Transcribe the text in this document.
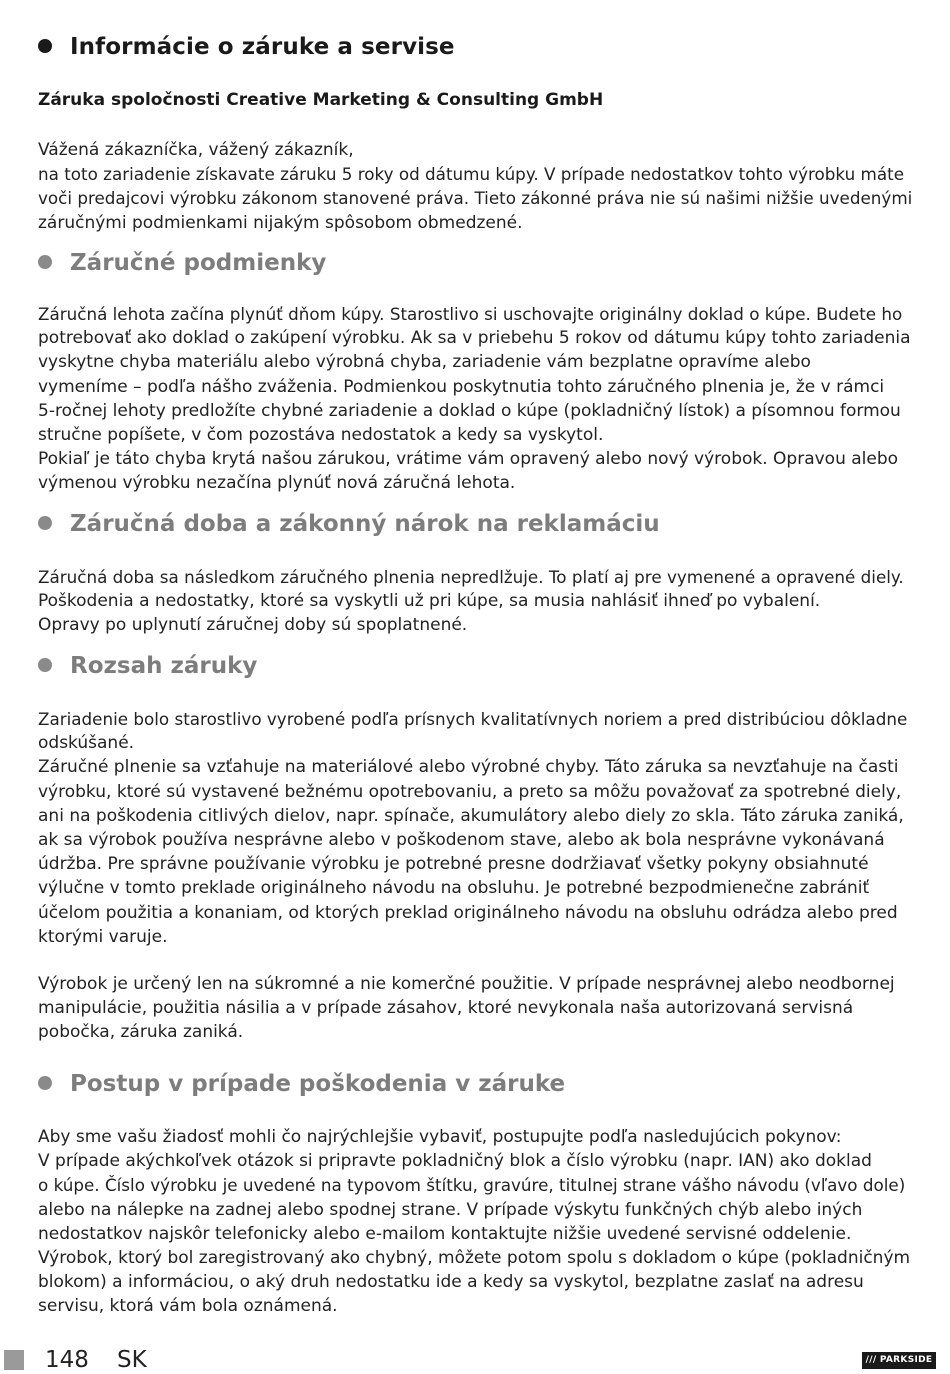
Informácie o záruke a servise
Záruka spoločnosti Creative Marketing & Consulting GmbH
Vážená zákazníčka, vážený zákazník,
na toto zariadenie získavate záruku 5 roky od dátumu kúpy. V prípade nedostatkov tohto výrobku máte
voči predajcovi výrobku zákonom stanovené práva. Tieto zákonné práva nie sú našimi nižšie uvedenými
záručnými podmienkami nijakým spôsobom obmedzené.
Záručné podmienky
Záručná lehota začína plynúť dňom kúpy. Starostlivo si uschovajte originálny doklad o kúpe. Budete ho
potrebovať ako doklad o zakúpení výrobku. Ak sa v priebehu 5 rokov od dátumu kúpy tohto zariadenia
vyskytne chyba materiálu alebo výrobná chyba, zariadenie vám bezplatne opravíme alebo
vymeníme – podľa nášho zváženia. Podmienkou poskytnutia tohto záručného plnenia je, že v rámci
5-ročnej lehoty predložíte chybné zariadenie a doklad o kúpe (pokladničný lístok) a písomnou formou
stručne popíšete, v čom pozostáva nedostatok a kedy sa vyskytol.
Pokiaľ je táto chyba krytá našou zárukou, vrátime vám opravený alebo nový výrobok. Opravou alebo
výmenou výrobku nezačína plynúť nová záručná lehota.
Záručná doba a zákonný nárok na reklamáciu
Záručná doba sa následkom záručného plnenia nepredlžuje. To platí aj pre vymenené a opravené diely.
Poškodenia a nedostatky, ktoré sa vyskytli už pri kúpe, sa musia nahlásiť ihneď po vybalení.
Opravy po uplynutí záručnej doby sú spoplatnené.
Rozsah záruky
Zariadenie bolo starostlivo vyrobené podľa prísnych kvalitatívnych noriem a pred distribúciou dôkladne
odskúšané.
Záručné plnenie sa vzťahuje na materiálové alebo výrobné chyby. Táto záruka sa nevzťahuje na časti
výrobku, ktoré sú vystavené bežnému opotrebovaniu, a preto sa môžu považovať za spotrebné diely,
ani na poškodenia citlivých dielov, napr. spínače, akumulátory alebo diely zo skla. Táto záruka zaniká,
ak sa výrobok používa nesprávne alebo v poškodenom stave, alebo ak bola nesprávne vykonávaná
údržba. Pre správne používanie výrobku je potrebné presne dodržiavať všetky pokyny obsiahnuté
výlučne v tomto preklade originálneho návodu na obsluhu. Je potrebné bezpodmienečne zabrániť
účelom použitia a konaniam, od ktorých preklad originálneho návodu na obsluhu odrádza alebo pred
ktorými varuje.
Výrobok je určený len na súkromné a nie komerčné použitie. V prípade nesprávnej alebo neodbornej
manipulácie, použitia násilia a v prípade zásahov, ktoré nevykonala naša autorizovaná servisná
pobočka, záruka zaniká.
Postup v prípade poškodenia v záruke
Aby sme vašu žiadosť mohli čo najrýchlejšie vybaviť, postupujte podľa nasledujúcich pokynov:
V prípade akýchkoľvek otázok si pripravte pokladničný blok a číslo výrobku (napr. IAN) ako doklad
o kúpe. Číslo výrobku je uvedené na typovom štítku, gravúre, titulnej strane vášho návodu (vľavo dole)
alebo na nálepke na zadnej alebo spodnej strane. V prípade výskytu funkčných chýb alebo iných
nedostatkov najskôr telefonicky alebo e-mailom kontaktujte nižšie uvedené servisné oddelenie.
Výrobok, ktorý bol zaregistrovaný ako chybný, môžete potom spolu s dokladom o kúpe (pokladničným
blokom) a informáciou, o aký druh nedostatku ide a kedy sa vyskytol, bezplatne zaslať na adresu
servisu, ktorá vám bola oznámená.
148 SK	/// PARKSIDE
